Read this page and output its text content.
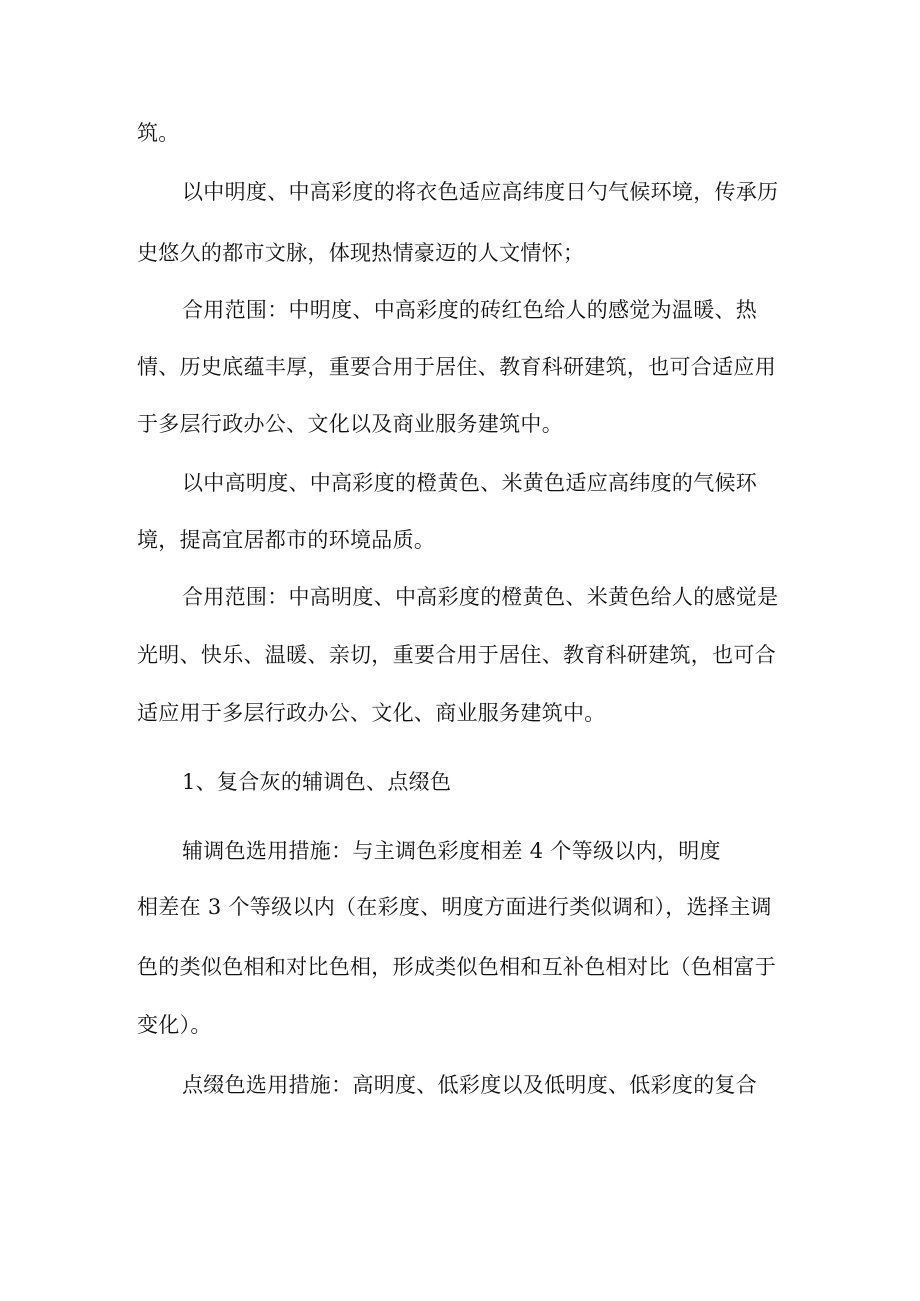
筑。
以中明度、中高彩度的将衣色适应高纬度日勺气候环境，传承历
史悠久的都市文脉，体现热情豪迈的人文情怀；
合用范围：中明度、中高彩度的砖红色给人的感觉为温暖、热
情、历史底蕴丰厚，重要合用于居住、教育科研建筑，也可合适应用
于多层行政办公、文化以及商业服务建筑中。
以中高明度、中高彩度的橙黄色、米黄色适应高纬度的气候环
境，提高宜居都市的环境品质。
合用范围：中高明度、中高彩度的橙黄色、米黄色给人的感觉是
光明、快乐、温暖、亲切，重要合用于居住、教育科研建筑，也可合
适应用于多层行政办公、文化、商业服务建筑中。
1、复合灰的辅调色、点缀色
辅调色选用措施：与主调色彩度相差 4 个等级以内，明度
相差在 3 个等级以内（在彩度、明度方面进行类似调和），选择主调
色的类似色相和对比色相，形成类似色相和互补色相对比（色相富于
变化）。
点缀色选用措施：高明度、低彩度以及低明度、低彩度的复合
